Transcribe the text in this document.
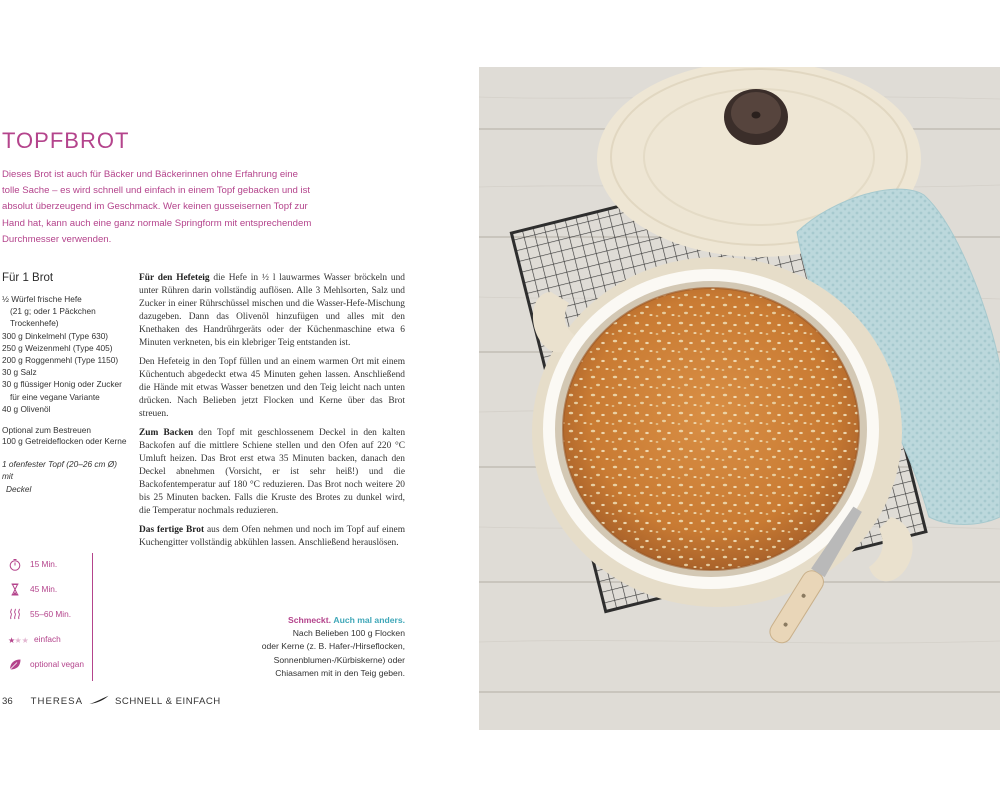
TOPFBROT

Dieses Brot ist auch für Bäcker und Bäckerinnen ohne Erfahrung eine tolle Sache – es wird schnell und einfach in einem Topf gebacken und ist absolut überzeugend im Geschmack. Wer keinen gusseisernen Topf zur Hand hat, kann auch eine ganz normale Springform mit entsprechendem Durchmesser verwenden.

Für 1 Brot

½ Würfel frische Hefe
(21 g; oder 1 Päckchen Trockenhefe)
300 g Dinkelmehl (Type 630)
250 g Weizenmehl (Type 405)
200 g Roggenmehl (Type 1150)
30 g Salz
30 g flüssiger Honig oder Zucker
für eine vegane Variante
40 g Olivenöl

Optional zum Bestreuen

100 g Getreideflocken oder Kerne

1 ofenfester Topf (20–26 cm Ø) mit
Deckel

Für den Hefeteig die Hefe in ½ l lauwarmes Wasser bröckeln und unter Rühren darin vollständig auflösen. Alle 3 Mehlsorten, Salz und Zucker in einer Rührschüssel mischen und die Wasser-Hefe-Mischung dazugeben. Dann das Olivenöl hinzufügen und alles mit den Knethaken des Handrührgeräts oder der Küchenmaschine etwa 6 Minuten verkneten, bis ein klebriger Teig entstanden ist.

Den Hefeteig in den Topf füllen und an einem warmen Ort mit einem Küchentuch abgedeckt etwa 45 Minuten gehen lassen. Anschließend die Hände mit etwas Wasser benetzen und den Teig leicht nach unten drücken. Nach Belieben jetzt Flocken und Kerne über das Brot streuen.

Zum Backen den Topf mit geschlossenem Deckel in den kalten Backofen auf die mittlere Schiene stellen und den Ofen auf 220 °C Umluft heizen. Das Brot erst etwa 35 Minuten backen, danach den Deckel abnehmen (Vorsicht, er ist sehr heiß!) und die Backofentemperatur auf 180 °C reduzieren. Das Brot noch weitere 20 bis 25 Minuten backen. Falls die Kruste des Brotes zu dunkel wird, die Temperatur nochmals reduzieren.

Das fertige Brot aus dem Ofen nehmen und noch im Topf auf einem Kuchengitter vollständig abkühlen lassen. Anschließend herauslösen.

15 Min.
45 Min.
55–60 Min.
★ ★★ einfach
optional vegan
Schmeckt. Auch mal anders.
Nach Belieben 100 g Flocken
oder Kerne (z. B. Hafer-/Hirseflocken,
Sonnenblumen-/Kürbiskerne) oder
Chiasamen mit in den Teig geben.
36 THERESA	SCHNELL & EINFACH
